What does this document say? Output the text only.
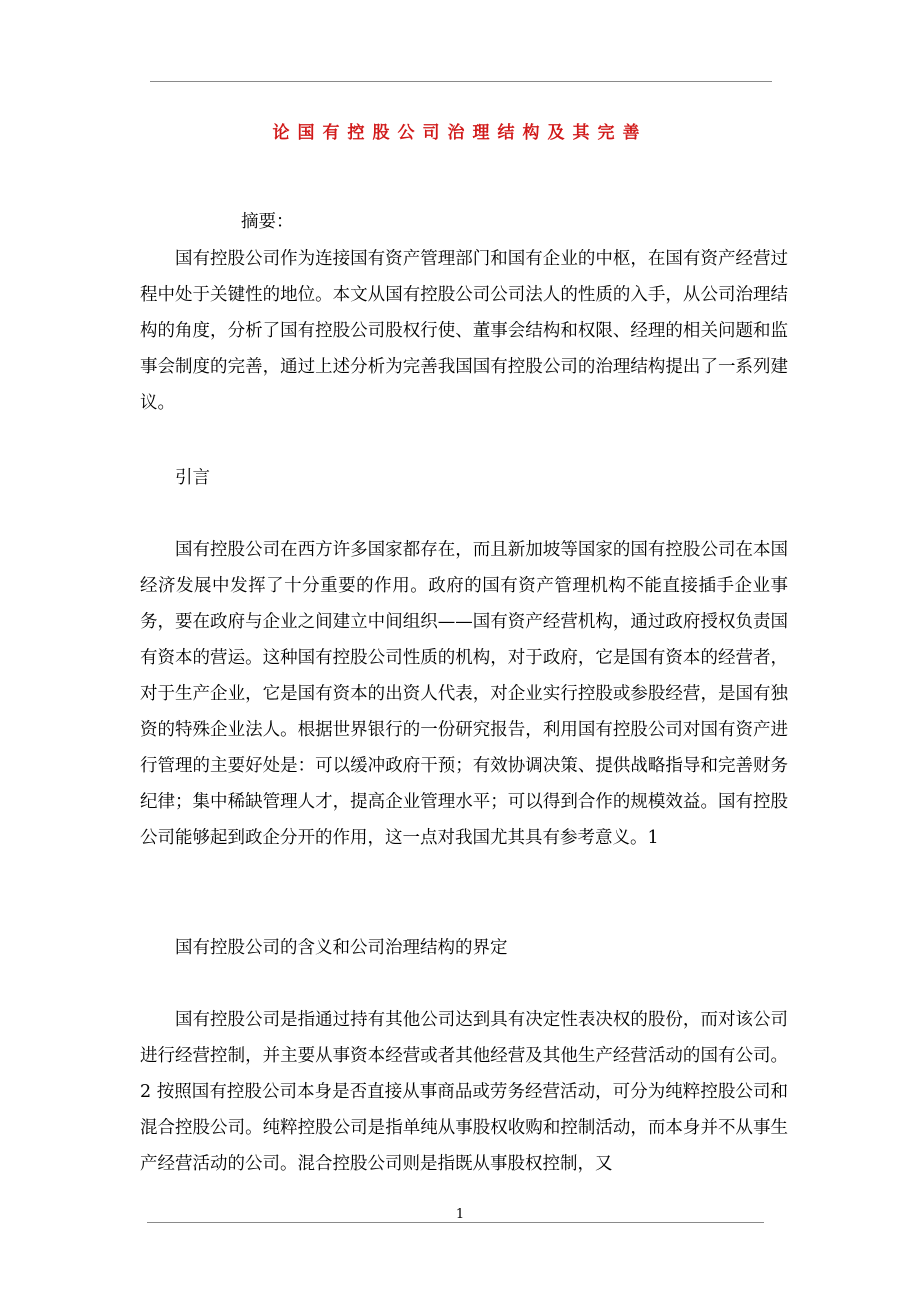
论国有控股公司治理结构及其完善
摘要：

国有控股公司作为连接国有资产管理部门和国有企业的中枢，在国有资产经营过程中处于关键性的地位。本文从国有控股公司公司法人的性质的入手，从公司治理结构的角度，分析了国有控股公司股权行使、董事会结构和权限、经理的相关问题和监事会制度的完善，通过上述分析为完善我国国有控股公司的治理结构提出了一系列建议。

引言

国有控股公司在西方许多国家都存在，而且新加坡等国家的国有控股公司在本国经济发展中发挥了十分重要的作用。政府的国有资产管理机构不能直接插手企业事务，要在政府与企业之间建立中间组织——国有资产经营机构，通过政府授权负责国有资本的营运。这种国有控股公司性质的机构，对于政府，它是国有资本的经营者，对于生产企业，它是国有资本的出资人代表，对企业实行控股或参股经营，是国有独资的特殊企业法人。根据世界银行的一份研究报告，利用国有控股公司对国有资产进行管理的主要好处是：可以缓冲政府干预；有效协调决策、提供战略指导和完善财务纪律；集中稀缺管理人才，提高企业管理水平；可以得到合作的规模效益。国有控股公司能够起到政企分开的作用，这一点对我国尤其具有参考意义。1

国有控股公司的含义和公司治理结构的界定

国有控股公司是指通过持有其他公司达到具有决定性表决权的股份，而对该公司进行经营控制，并主要从事资本经营或者其他经营及其他生产经营活动的国有公司。2 按照国有控股公司本身是否直接从事商品或劳务经营活动，可分为纯粹控股公司和混合控股公司。纯粹控股公司是指单纯从事股权收购和控制活动，而本身并不从事生产经营活动的公司。混合控股公司则是指既从事股权控制，又

1
